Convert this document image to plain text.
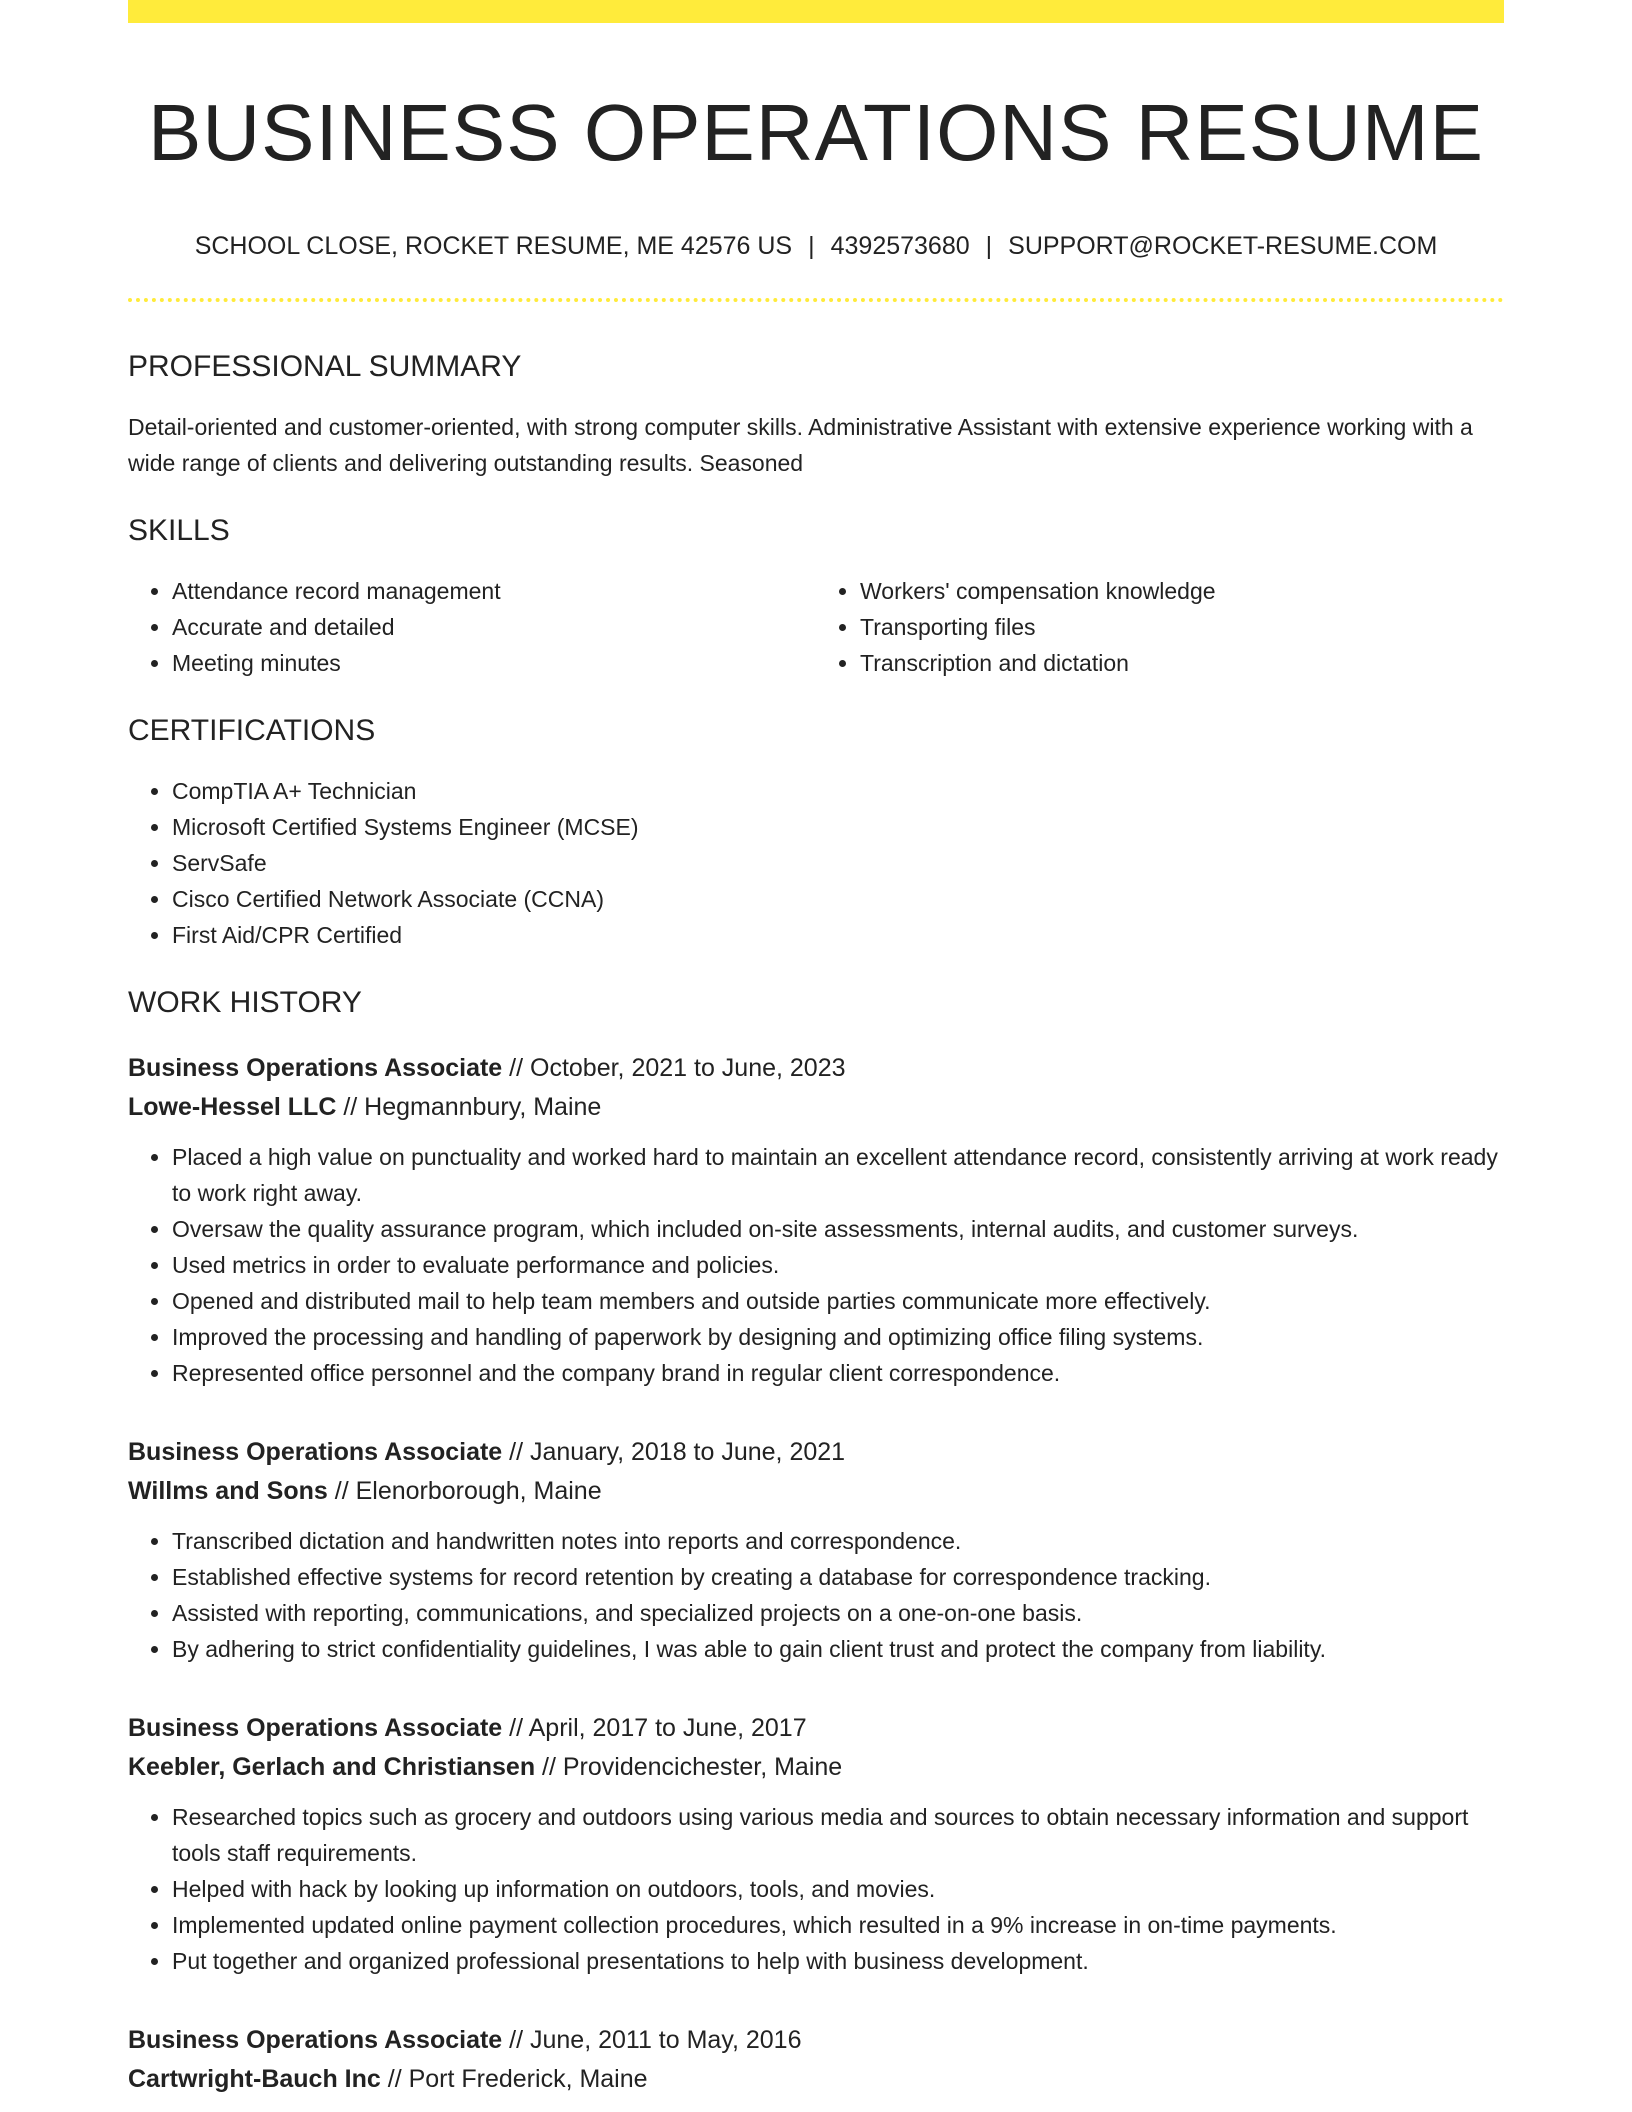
BUSINESS OPERATIONS RESUME
SCHOOL CLOSE, ROCKET RESUME, ME 42576 US | 4392573680 | SUPPORT@ROCKET-RESUME.COM
PROFESSIONAL SUMMARY

Detail-oriented and customer-oriented, with strong computer skills. Administrative Assistant with extensive experience working with a wide range of clients and delivering outstanding results. Seasoned

SKILLS
• Attendance record management
• Accurate and detailed
• Meeting minutes
• Workers' compensation knowledge
• Transporting files
• Transcription and dictation
CERTIFICATIONS
• CompTIA A+ Technician
• Microsoft Certified Systems Engineer (MCSE)
• ServSafe
• Cisco Certified Network Associate (CCNA)
• First Aid/CPR Certified
WORK HISTORY
Business Operations Associate // October, 2021 to June, 2023
Lowe-Hessel LLC // Hegmannbury, Maine
• Placed a high value on punctuality and worked hard to maintain an excellent attendance record, consistently arriving at work ready to work right away.
• Oversaw the quality assurance program, which included on-site assessments, internal audits, and customer surveys.
• Used metrics in order to evaluate performance and policies.
• Opened and distributed mail to help team members and outside parties communicate more effectively.
• Improved the processing and handling of paperwork by designing and optimizing office filing systems.
• Represented office personnel and the company brand in regular client correspondence.
Business Operations Associate // January, 2018 to June, 2021
Willms and Sons // Elenorborough, Maine
• Transcribed dictation and handwritten notes into reports and correspondence.
• Established effective systems for record retention by creating a database for correspondence tracking.
• Assisted with reporting, communications, and specialized projects on a one-on-one basis.
• By adhering to strict confidentiality guidelines, I was able to gain client trust and protect the company from liability.
Business Operations Associate // April, 2017 to June, 2017
Keebler, Gerlach and Christiansen // Providencichester, Maine
• Researched topics such as grocery and outdoors using various media and sources to obtain necessary information and support tools staff requirements.
• Helped with hack by looking up information on outdoors, tools, and movies.
• Implemented updated online payment collection procedures, which resulted in a 9% increase in on-time payments.
• Put together and organized professional presentations to help with business development.
Business Operations Associate // June, 2011 to May, 2016
Cartwright-Bauch Inc // Port Frederick, Maine
